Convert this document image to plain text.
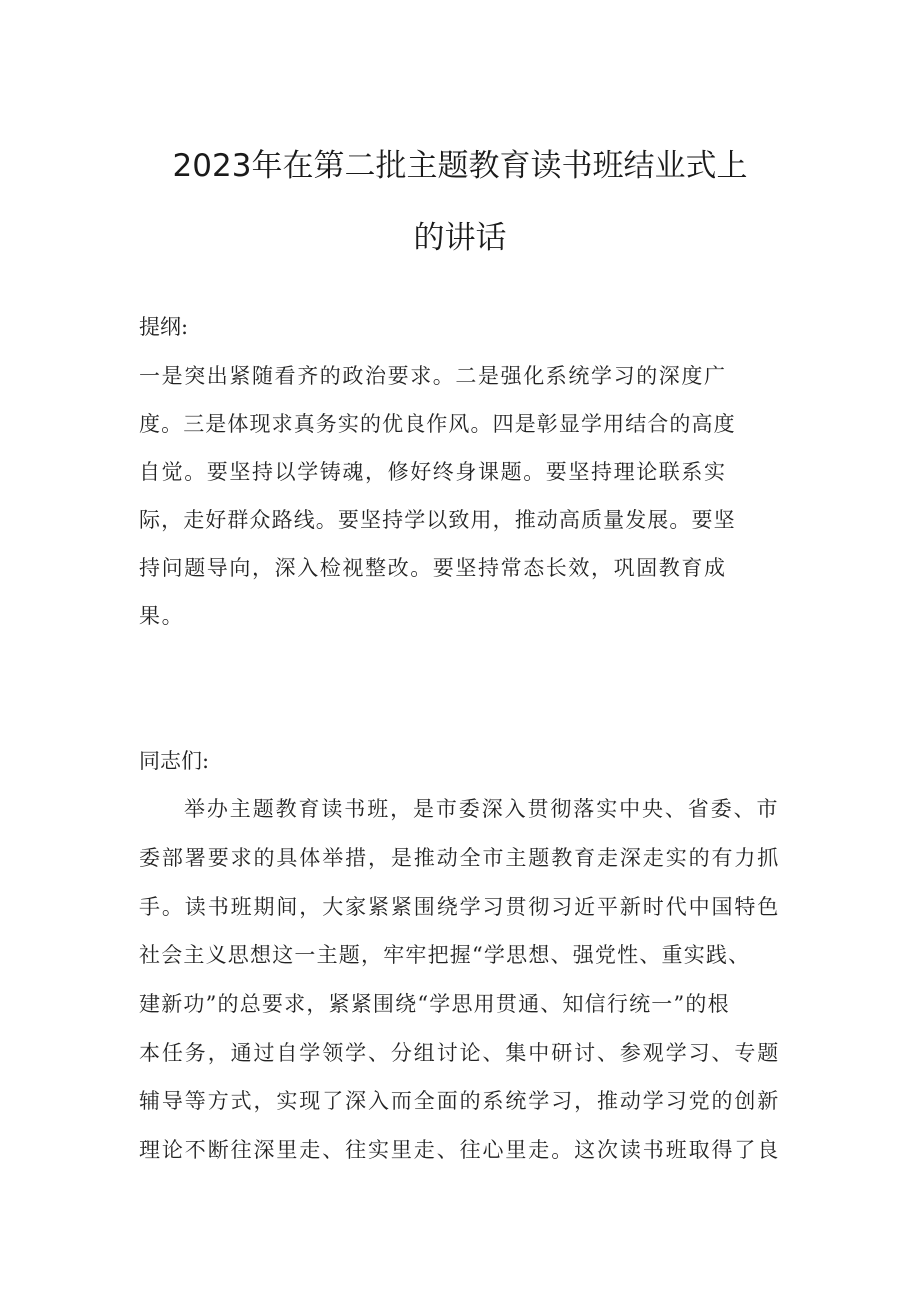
2023年在第二批主题教育读书班结业式上
的讲话
提纲:
一是突出紧随看齐的政治要求。二是强化系统学习的深度广
度。三是体现求真务实的优良作风。四是彰显学用结合的高度
自觉。要坚持以学铸魂，修好终身课题。要坚持理论联系实
际，走好群众路线。要坚持学以致用，推动高质量发展。要坚
持问题导向，深入检视整改。要坚持常态长效，巩固教育成
果。
同志们:
举办主题教育读书班，是市委深入贯彻落实中央、省委、市
委部署要求的具体举措，是推动全市主题教育走深走实的有力抓
手。读书班期间，大家紧紧围绕学习贯彻习近平新时代中国特色
社会主义思想这一主题，牢牢把握“学思想、强党性、重实践、
建新功”的总要求，紧紧围绕“学思用贯通、知信行统一”的根
本任务，通过自学领学、分组讨论、集中研讨、参观学习、专题
辅导等方式，实现了深入而全面的系统学习，推动学习党的创新
理论不断往深里走、往实里走、往心里走。这次读书班取得了良
